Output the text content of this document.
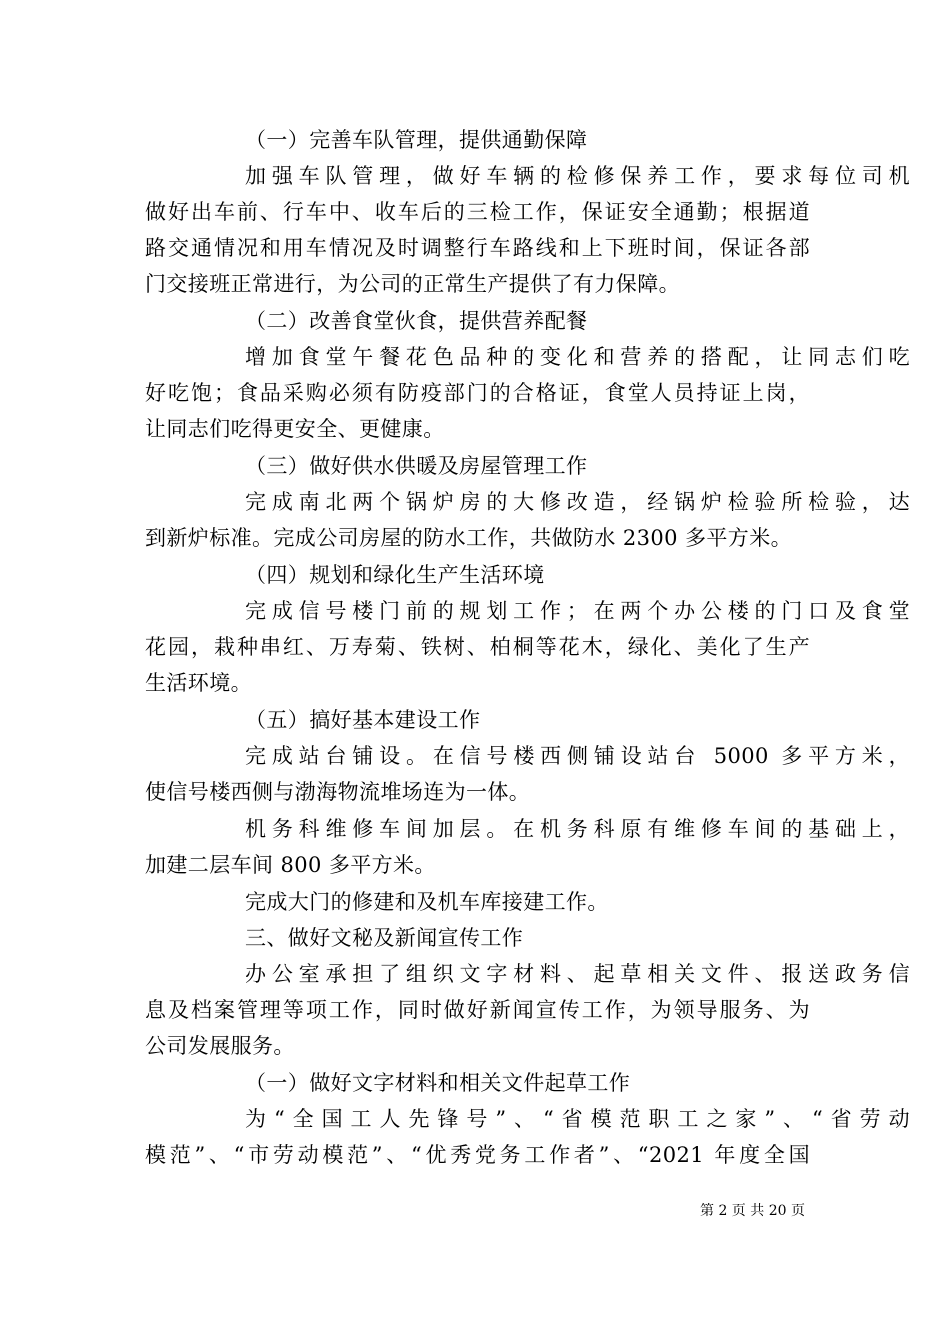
（一）完善车队管理，提供通勤保障
加强车队管理，做好车辆的检修保养工作，要求每位司机
做好出车前、行车中、收车后的三检工作，保证安全通勤；根据道
路交通情况和用车情况及时调整行车路线和上下班时间，保证各部
门交接班正常进行，为公司的正常生产提供了有力保障。
（二）改善食堂伙食，提供营养配餐
增加食堂午餐花色品种的变化和营养的搭配，让同志们吃
好吃饱；食品采购必须有防疫部门的合格证，食堂人员持证上岗，
让同志们吃得更安全、更健康。
（三）做好供水供暖及房屋管理工作
完成南北两个锅炉房的大修改造，经锅炉检验所检验，达
到新炉标准。完成公司房屋的防水工作，共做防水 2300 多平方米。
（四）规划和绿化生产生活环境
完成信号楼门前的规划工作；在两个办公楼的门口及食堂
花园，栽种串红、万寿菊、铁树、柏桐等花木，绿化、美化了生产
生活环境。
（五）搞好基本建设工作
完成站台铺设。在信号楼西侧铺设站台 5000 多平方米，
使信号楼西侧与渤海物流堆场连为一体。
机务科维修车间加层。在机务科原有维修车间的基础上，
加建二层车间 800 多平方米。
完成大门的修建和及机车库接建工作。
三、做好文秘及新闻宣传工作
办公室承担了组织文字材料、起草相关文件、报送政务信
息及档案管理等项工作，同时做好新闻宣传工作，为领导服务、为
公司发展服务。
（一）做好文字材料和相关文件起草工作
为“全国工人先锋号”、“省模范职工之家”、“省劳动
模范”、“市劳动模范”、“优秀党务工作者”、“2021 年度全国
第 2 页 共 20 页
